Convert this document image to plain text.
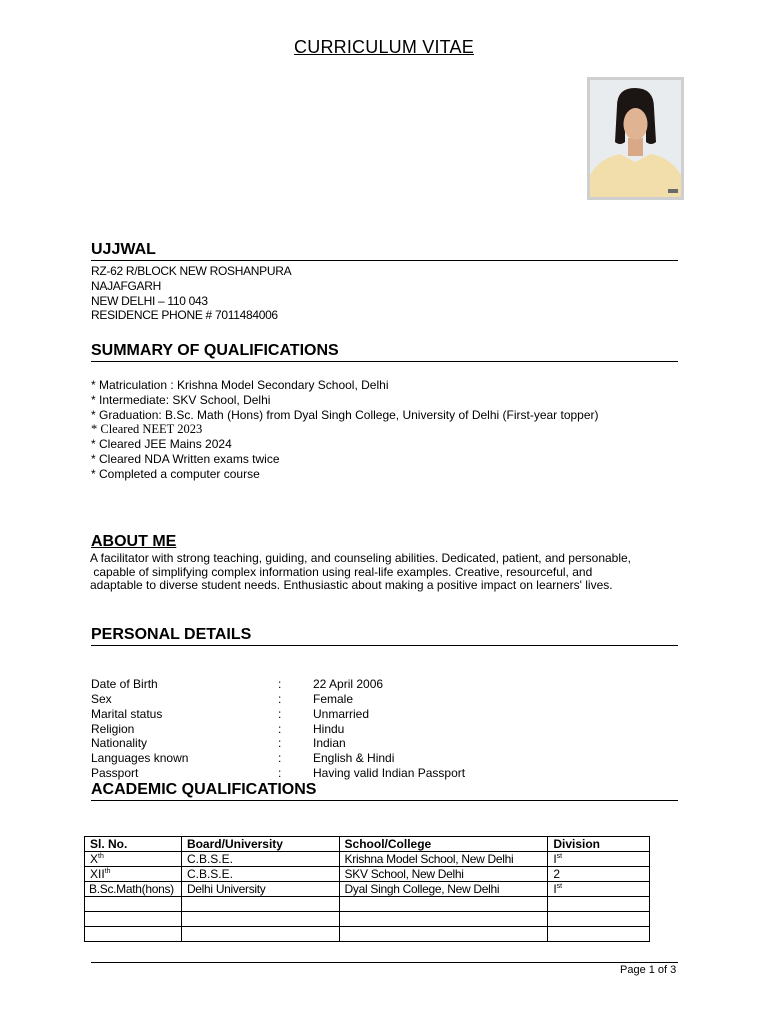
CURRICULUM VITAE
UJJWAL
RZ-62 R/BLOCK NEW ROSHANPURA
NAJAFGARH
NEW DELHI – 110 043
RESIDENCE PHONE # 7011484006
SUMMARY OF QUALIFICATIONS
* Matriculation : Krishna Model Secondary School, Delhi
* Intermediate: SKV School, Delhi
* Graduation: B.Sc. Math (Hons) from Dyal Singh College, University of Delhi (First-year topper)
* Cleared NEET 2023
* Cleared JEE Mains 2024
* Cleared NDA Written exams twice
* Completed a computer course
ABOUT ME
A facilitator with strong teaching, guiding, and counseling abilities. Dedicated, patient, and personable,
capable of simplifying complex information using real-life examples. Creative, resourceful, and
adaptable to diverse student needs. Enthusiastic about making a positive impact on learners' lives.
PERSONAL DETAILS
Date of Birth	:	22 April 2006
Sex	:	Female
Marital status	:	Unmarried
Religion	:	Hindu
Nationality	:	Indian
Languages known	:	English & Hindi
Passport	:	Having valid Indian Passport
ACADEMIC QUALIFICATIONS
Sl. No.	Board/University	School/College	Division
Xth	C.B.S.E.	Krishna Model School, New Delhi	Ist
XIIth	C.B.S.E.	SKV School, New Delhi	2
B.Sc.Math(hons)	Delhi University	Dyal Singh College, New Delhi	Ist

Page 1 of 3
